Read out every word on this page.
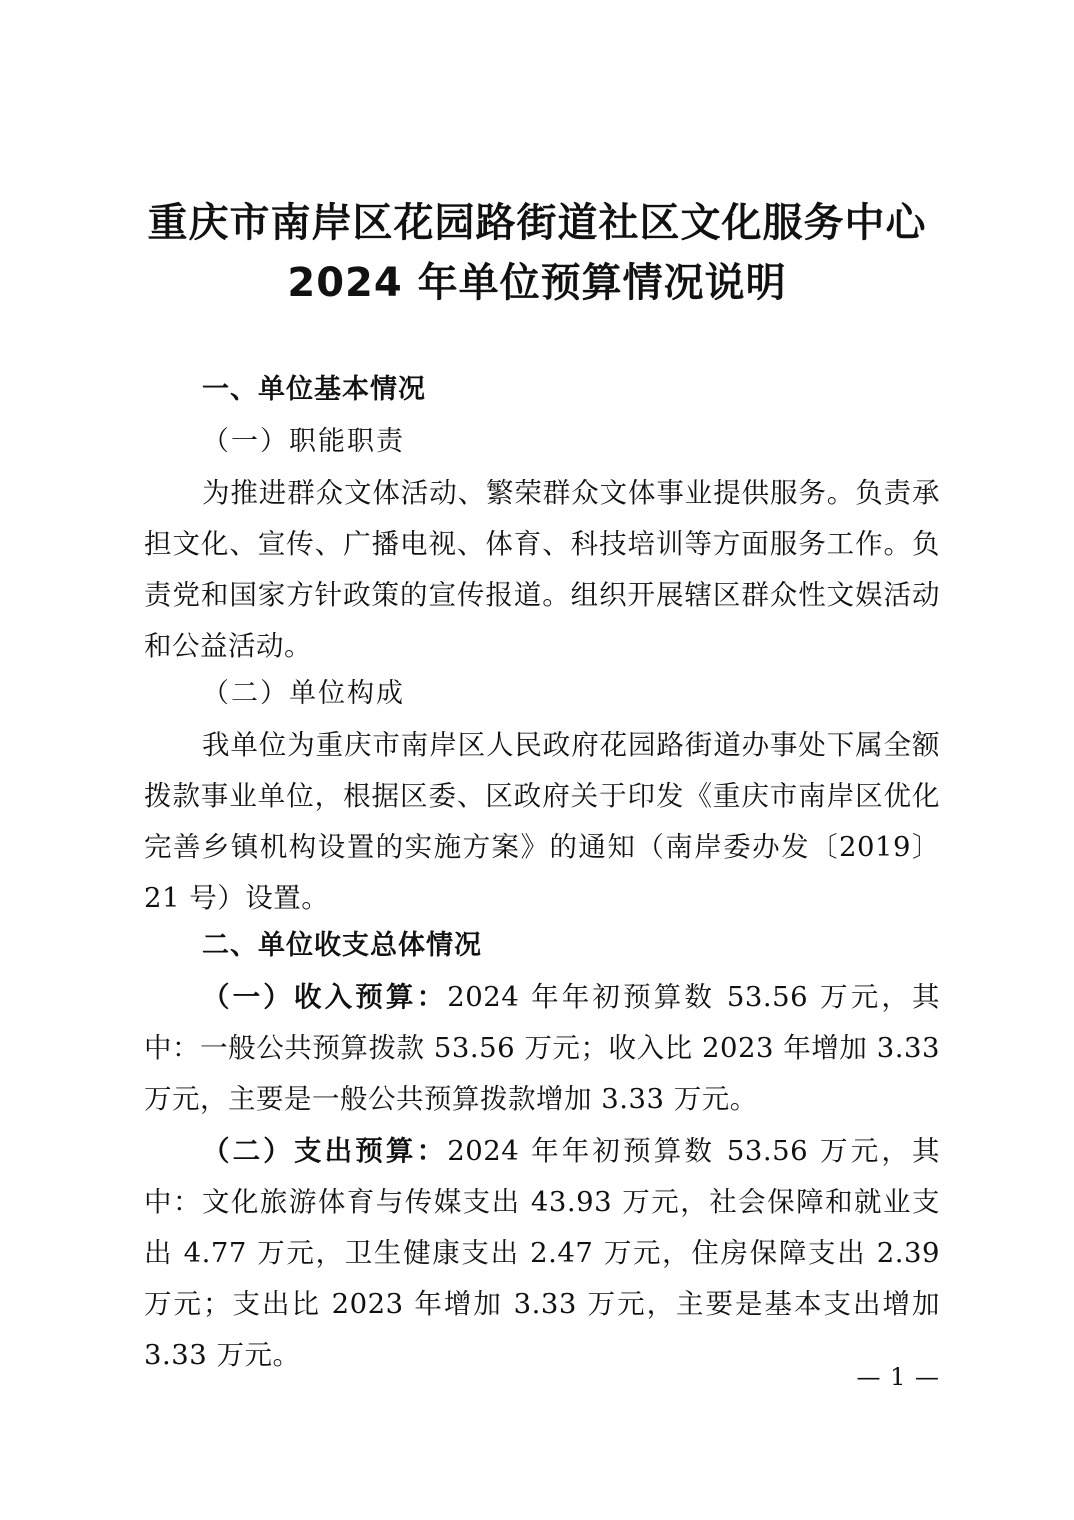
重庆市南岸区花园路街道社区文化服务中心
2024 年单位预算情况说明
一、单位基本情况
（一）职能职责
为推进群众文体活动、繁荣群众文体事业提供服务。负责承担文化、宣传、广播电视、体育、科技培训等方面服务工作。负责党和国家方针政策的宣传报道。组织开展辖区群众性文娱活动和公益活动。
（二）单位构成
我单位为重庆市南岸区人民政府花园路街道办事处下属全额拨款事业单位，根据区委、区政府关于印发《重庆市南岸区优化完善乡镇机构设置的实施方案》的通知（南岸委办发〔2019〕21 号）设置。
二、单位收支总体情况
（一）收入预算：2024 年年初预算数 53.56 万元，其中：一般公共预算拨款 53.56 万元；收入比 2023 年增加 3.33 万元，主要是一般公共预算拨款增加 3.33 万元。
（二）支出预算：2024 年年初预算数 53.56 万元，其中：文化旅游体育与传媒支出 43.93 万元，社会保障和就业支出 4.77 万元，卫生健康支出 2.47 万元，住房保障支出 2.39 万元；支出比 2023 年增加 3.33 万元，主要是基本支出增加 3.33 万元。
— 1 —
